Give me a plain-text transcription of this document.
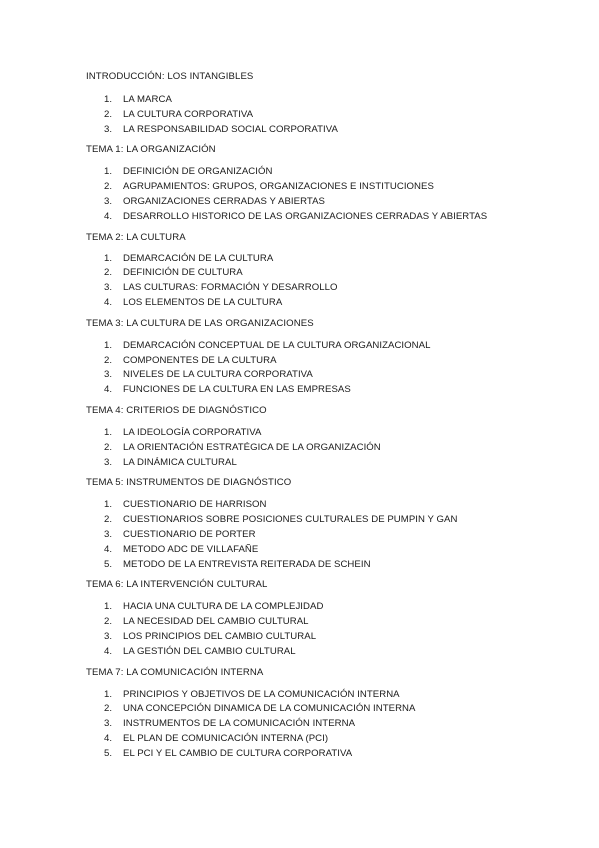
INTRODUCCIÓN: LOS INTANGIBLES
1. LA MARCA
2. LA CULTURA CORPORATIVA
3. LA RESPONSABILIDAD SOCIAL CORPORATIVA
TEMA 1: LA ORGANIZACIÓN
1. DEFINICIÓN DE ORGANIZACIÓN
2. AGRUPAMIENTOS: GRUPOS, ORGANIZACIONES E INSTITUCIONES
3. ORGANIZACIONES CERRADAS Y ABIERTAS
4. DESARROLLO HISTORICO DE LAS ORGANIZACIONES CERRADAS Y ABIERTAS
TEMA 2: LA CULTURA
1. DEMARCACIÓN DE LA CULTURA
2. DEFINICIÓN DE CULTURA
3. LAS CULTURAS: FORMACIÓN Y DESARROLLO
4. LOS ELEMENTOS DE LA CULTURA
TEMA 3: LA CULTURA DE LAS ORGANIZACIONES
1. DEMARCACIÓN CONCEPTUAL DE LA CULTURA ORGANIZACIONAL
2. COMPONENTES DE LA CULTURA
3. NIVELES DE LA CULTURA CORPORATIVA
4. FUNCIONES DE LA CULTURA EN LAS EMPRESAS
TEMA 4: CRITERIOS DE DIAGNÓSTICO
1. LA IDEOLOGÍA CORPORATIVA
2. LA ORIENTACIÓN ESTRATÉGICA DE LA ORGANIZACIÓN
3. LA DINÁMICA CULTURAL
TEMA 5: INSTRUMENTOS DE DIAGNÓSTICO
1. CUESTIONARIO DE HARRISON
2. CUESTIONARIOS SOBRE POSICIONES CULTURALES DE PUMPIN Y GAN
3. CUESTIONARIO DE PORTER
4. METODO ADC DE VILLAFAÑE
5. METODO DE LA ENTREVISTA REITERADA DE SCHEIN
TEMA 6: LA INTERVENCIÓN CULTURAL
1. HACIA UNA CULTURA DE LA COMPLEJIDAD
2. LA NECESIDAD DEL CAMBIO CULTURAL
3. LOS PRINCIPIOS DEL CAMBIO CULTURAL
4. LA GESTIÓN DEL CAMBIO CULTURAL
TEMA 7: LA COMUNICACIÓN INTERNA
1. PRINCIPIOS Y OBJETIVOS DE LA COMUNICACIÓN INTERNA
2. UNA CONCEPCIÓN DINAMICA DE LA COMUNICACIÓN INTERNA
3. INSTRUMENTOS DE LA COMUNICACIÓN INTERNA
4. EL PLAN DE COMUNICACIÓN INTERNA (PCI)
5. EL PCI Y EL CAMBIO DE CULTURA CORPORATIVA
